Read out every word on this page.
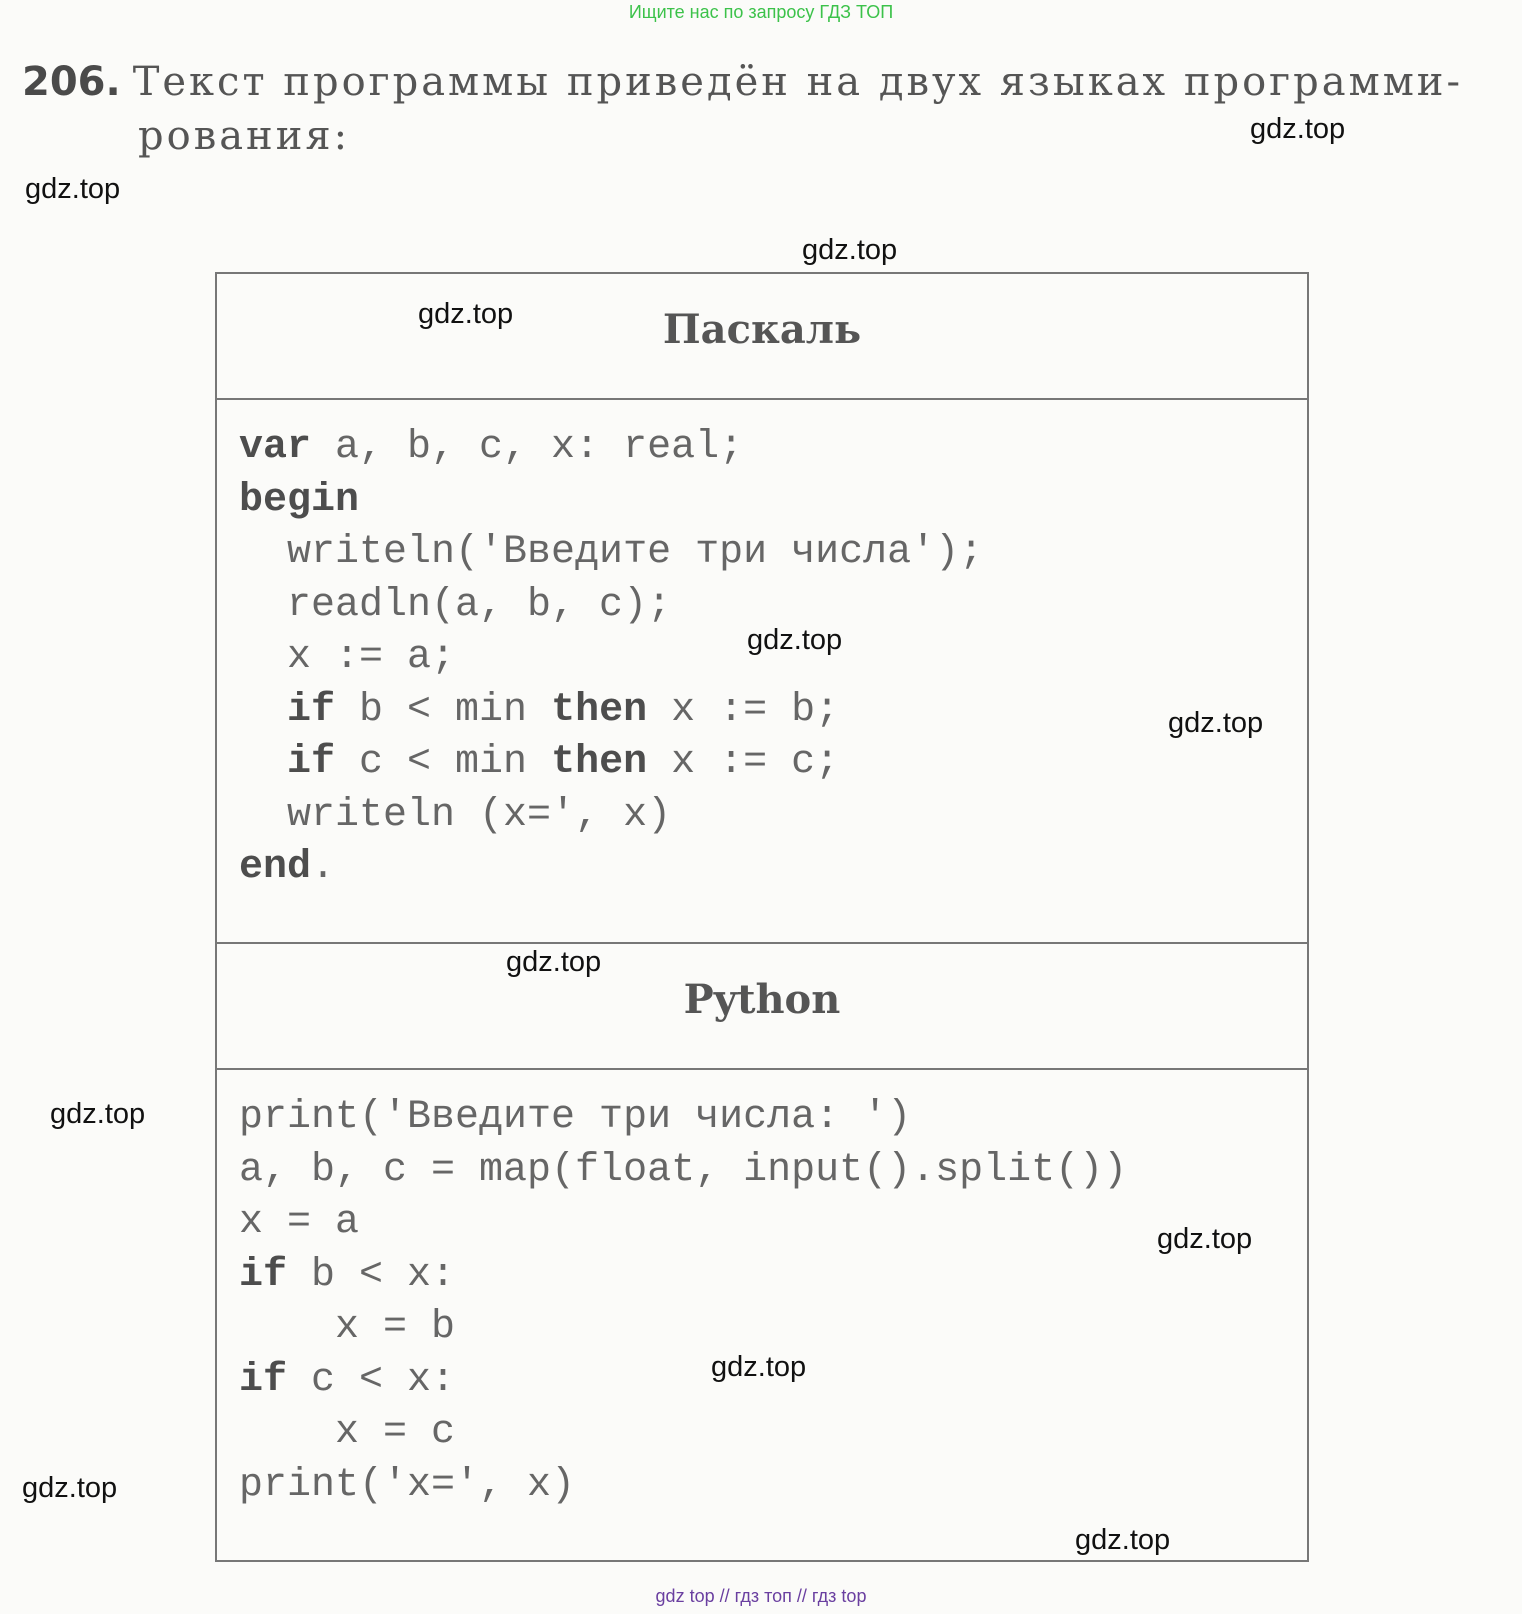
Ищите нас по запросу ГДЗ ТОП
206. Текст программы приведён на двух языках программи-
рования:
Паскаль
var a, b, c, x: real;
begin
writeln('Введите три числа');
readln(a, b, c);
x := a;
if b < min then x := b;
if c < min then x := c;
writeln (x=', x)
end.
Python
print('Введите три числа: ')
a, b, c = map(float, input().split())
x = a
if b < x:
x = b
if c < x:
x = c
print('x=', x)
gdz.top
gdz.top
gdz.top
gdz.top
gdz.top
gdz.top
gdz.top
gdz.top
gdz.top
gdz.top
gdz.top
gdz.top
gdz top // гдз топ // гдз top
